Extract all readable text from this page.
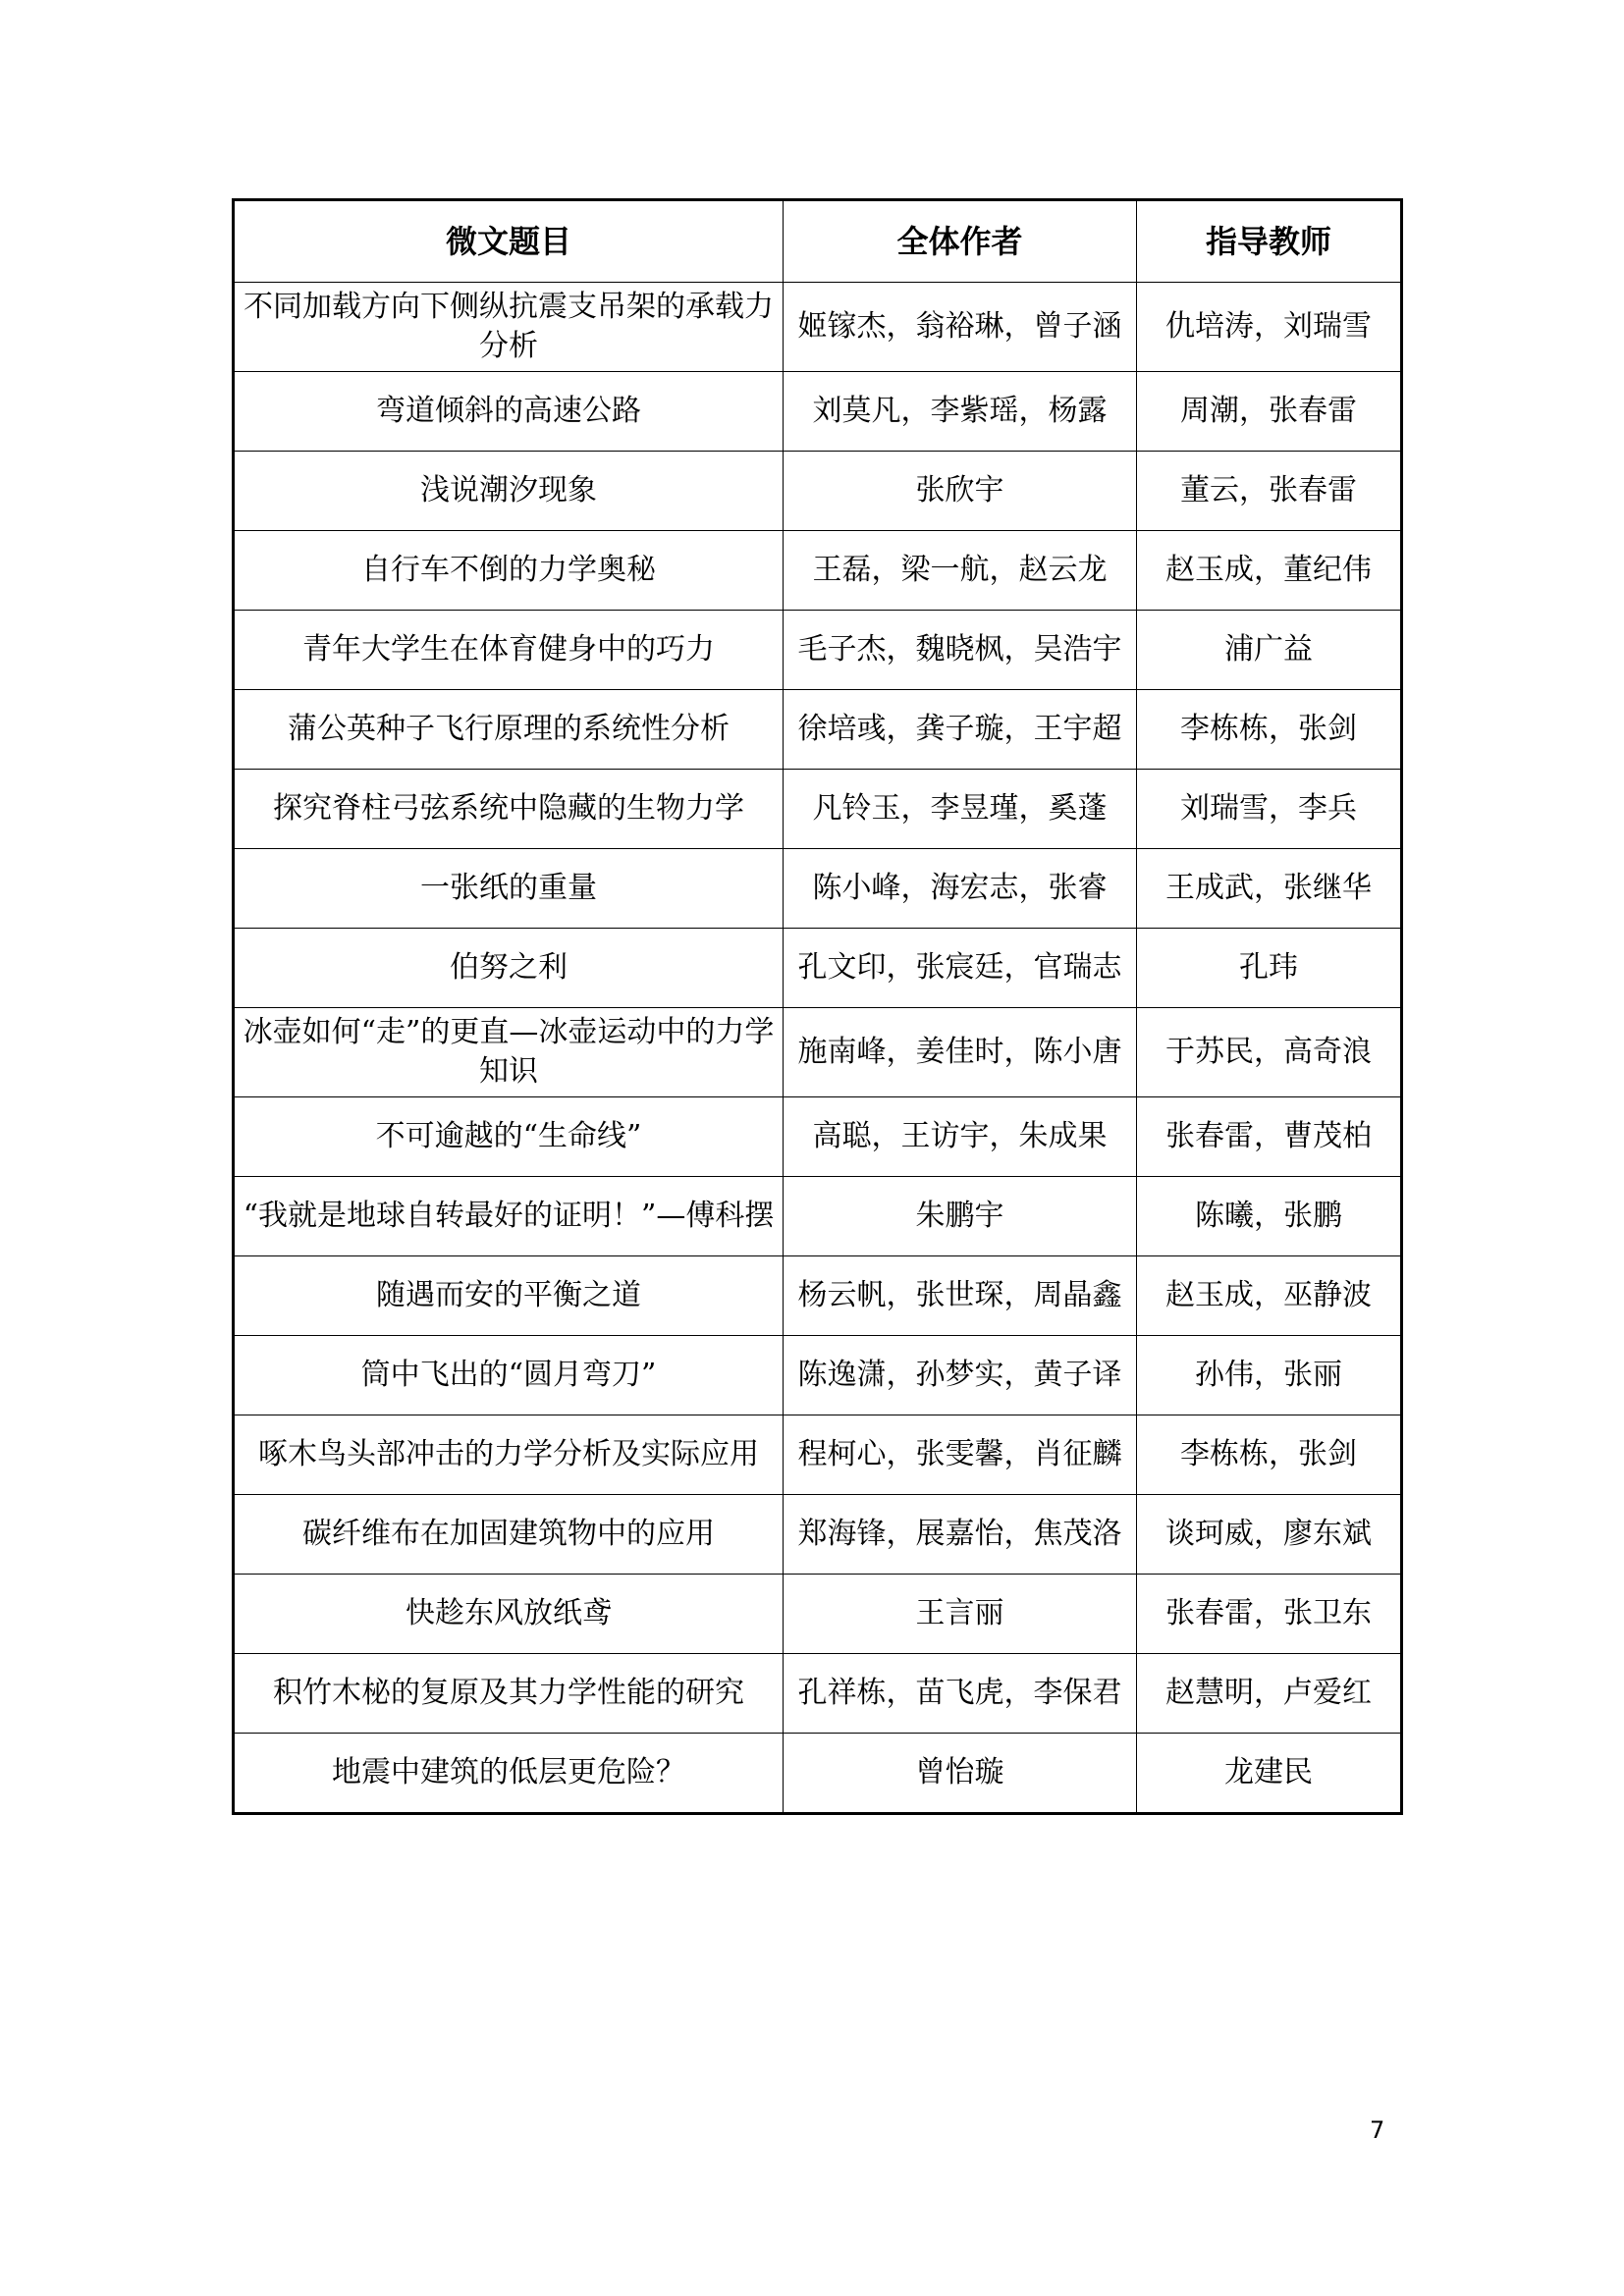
微文题目	全体作者	指导教师
不同加载方向下侧纵抗震支吊架的承载力分析	姬镓杰，翁裕琳，曾子涵	仇培涛，刘瑞雪
弯道倾斜的高速公路	刘莫凡，李紫瑶，杨露	周潮，张春雷
浅说潮汐现象	张欣宇	董云，张春雷
自行车不倒的力学奥秘	王磊，梁一航，赵云龙	赵玉成，董纪伟
青年大学生在体育健身中的巧力	毛子杰，魏晓枫，吴浩宇	浦广益
蒲公英种子飞行原理的系统性分析	徐培彧，龚子璇，王宇超	李栋栋，张剑
探究脊柱弓弦系统中隐藏的生物力学	凡铃玉，李昱瑾，奚蓬	刘瑞雪，李兵
一张纸的重量	陈小峰，海宏志，张睿	王成武，张继华
伯努之利	孔文印，张宸廷，官瑞志	孔玮
冰壶如何“走”的更直—冰壶运动中的力学知识	施南峰，姜佳时，陈小唐	于苏民，高奇浪
不可逾越的“生命线”	高聪，王访宇，朱成果	张春雷，曹茂柏
“我就是地球自转最好的证明！”—傅科摆	朱鹏宇	陈曦，张鹏
随遇而安的平衡之道	杨云帆，张世琛，周晶鑫	赵玉成，巫静波
筒中飞出的“圆月弯刀”	陈逸潇，孙梦实，黄子译	孙伟，张丽
啄木鸟头部冲击的力学分析及实际应用	程柯心，张雯馨，肖征麟	李栋栋，张剑
碳纤维布在加固建筑物中的应用	郑海锋，展嘉怡，焦茂洛	谈珂威，廖东斌
快趁东风放纸鸢	王言丽	张春雷，张卫东
积竹木柲的复原及其力学性能的研究	孔祥栋，苗飞虎，李保君	赵慧明，卢爱红
地震中建筑的低层更危险？	曾怡璇	龙建民
7
